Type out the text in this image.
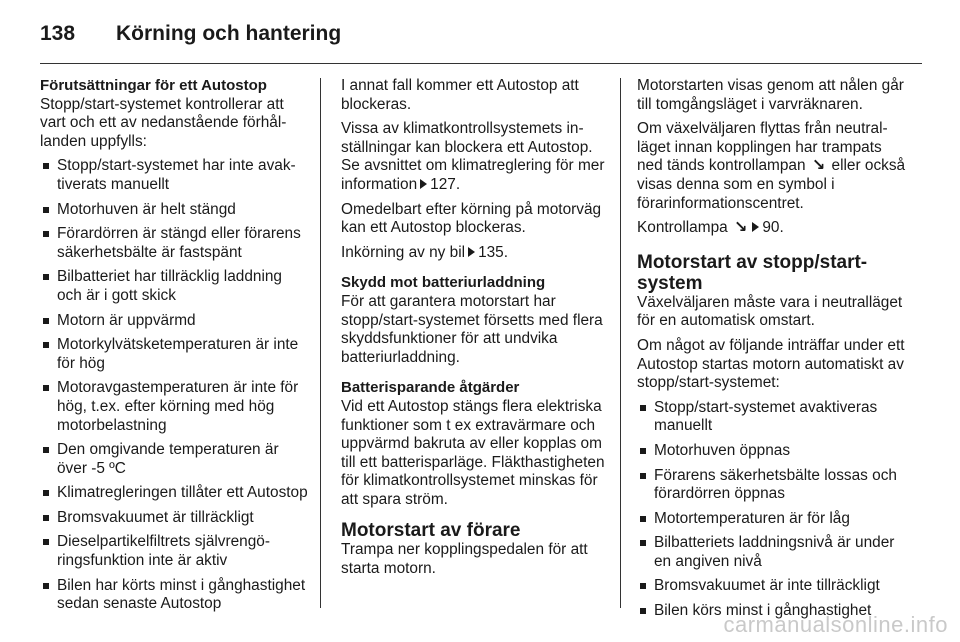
138	Körning och hantering
Förutsättningar för ett Autostop
Stopp/start-systemet kontrollerar att vart och ett av nedanstående förhållanden uppfylls:
Stopp/start-systemet har inte avaktiverats manuellt
Motorhuven är helt stängd
Förardörren är stängd eller förarens säkerhetsbälte är fastspänt
Bilbatteriet har tillräcklig laddning och är i gott skick
Motorn är uppvärmd
Motorkylvätsketemperaturen är inte för hög
Motoravgastemperaturen är inte för hög, t.ex. efter körning med hög motorbelastning
Den omgivande temperaturen är över -5 ºC
Klimatregleringen tillåter ett Autostop
Bromsvakuumet är tillräckligt
Dieselpartikelfiltrets självrengöringsfunktion inte är aktiv
Bilen har körts minst i gånghastighet sedan senaste Autostop
I annat fall kommer ett Autostop att blockeras.
Vissa av klimatkontrollsystemets inställningar kan blockera ett Autostop. Se avsnittet om klimatreglering för mer information 127.
Omedelbart efter körning på motorväg kan ett Autostop blockeras.
Inkörning av ny bil 135.
Skydd mot batteriurladdning
För att garantera motorstart har stopp/start-systemet försetts med flera skyddsfunktioner för att undvika batteriurladdning.
Batterisparande åtgärder
Vid ett Autostop stängs flera elektriska funktioner som t ex extravärmare och uppvärmd bakruta av eller kopplas om till ett batterisparläge. Fläkthastigheten för klimatkontrollsystemet minskas för att spara ström.
Motorstart av förare
Trampa ner kopplingspedalen för att starta motorn.
Motorstarten visas genom att nålen går till tomgångsläget i varvräknaren.
Om växelväljaren flyttas från neutralläget innan kopplingen har trampats ned tänds kontrollampan ↘ eller också visas denna som en symbol i förarinformationscentret.
Kontrollampa ↘ 90.
Motorstart av stopp/start-system
Växelväljaren måste vara i neutralläget för en automatisk omstart.
Om något av följande inträffar under ett Autostop startas motorn automatiskt av stopp/start-systemet:
Stopp/start-systemet avaktiveras manuellt
Motorhuven öppnas
Förarens säkerhetsbälte lossas och förardörren öppnas
Motortemperaturen är för låg
Bilbatteriets laddningsnivå är under en angiven nivå
Bromsvakuumet är inte tillräckligt
Bilen körs minst i gånghastighet
carmanualsonline.info
